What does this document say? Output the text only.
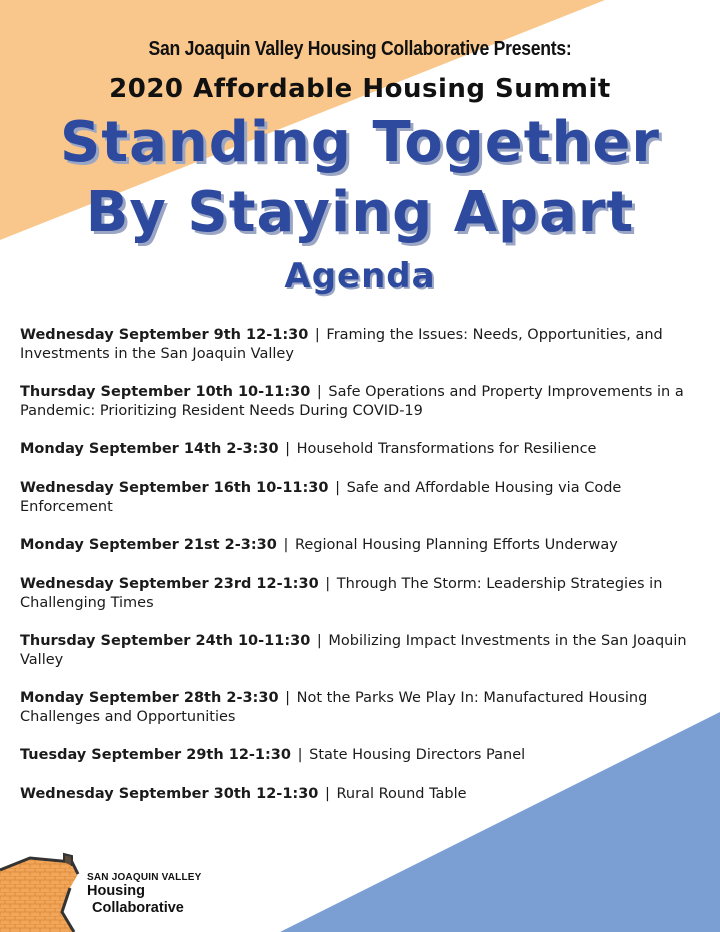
San Joaquin Valley Housing Collaborative Presents:
2020 Affordable Housing Summit
Standing Together
By Staying Apart
Agenda

Wednesday September 9th 12-1:30 | Framing the Issues: Needs, Opportunities, and Investments in the San Joaquin Valley

Thursday September 10th 10-11:30 | Safe Operations and Property Improvements in a Pandemic: Prioritizing Resident Needs During COVID-19

Monday September 14th 2-3:30 | Household Transformations for Resilience

Wednesday September 16th 10-11:30 | Safe and Affordable Housing via Code Enforcement

Monday September 21st 2-3:30 | Regional Housing Planning Efforts Underway

Wednesday September 23rd 12-1:30 | Through The Storm: Leadership Strategies in Challenging Times

Thursday September 24th 10-11:30 | Mobilizing Impact Investments in the San Joaquin Valley

Monday September 28th 2-3:30 | Not the Parks We Play In: Manufactured Housing Challenges and Opportunities

Tuesday September 29th 12-1:30 | State Housing Directors Panel

Wednesday September 30th 12-1:30 | Rural Round Table

SAN JOAQUIN VALLEY
Housing
Collaborative
